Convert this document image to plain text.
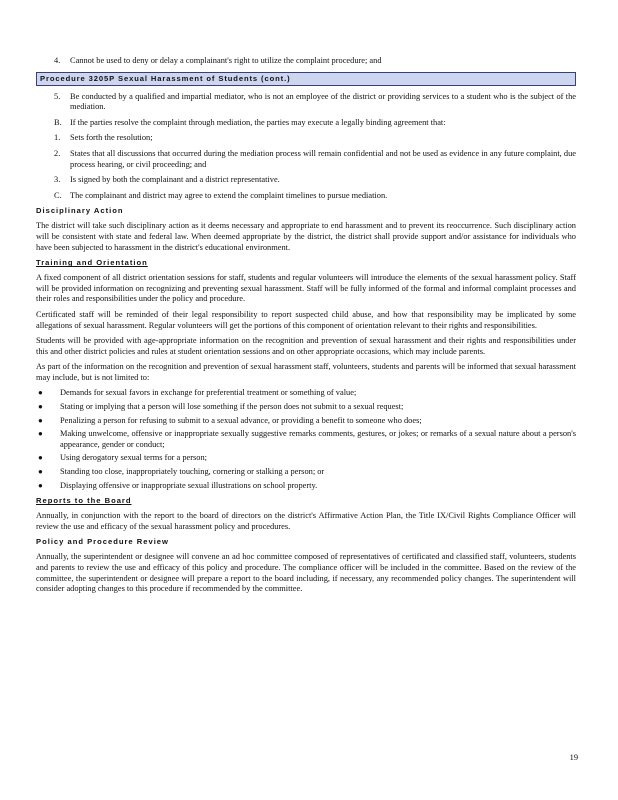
4.	Cannot be used to deny or delay a complainant's right to utilize the complaint procedure; and
Procedure 3205P Sexual Harassment of Students (cont.)
5.	Be conducted by a qualified and impartial mediator, who is not an employee of the district or providing services to a student who is the subject of the mediation.
B. If the parties resolve the complaint through mediation, the parties may execute a legally binding agreement that:
1.	Sets forth the resolution;
2.	States that all discussions that occurred during the mediation process will remain confidential and not be used as evidence in any future complaint, due process hearing, or civil proceeding; and
3.	Is signed by both the complainant and a district representative.
C. The complainant and district may agree to extend the complaint timelines to pursue mediation.
Disciplinary Action

The district will take such disciplinary action as it deems necessary and appropriate to end harassment and to prevent its reoccurrence. Such disciplinary action will be consistent with state and federal law. When deemed appropriate by the district, the district shall provide support and/or assistance for individuals who have been subjected to harassment in the district's educational environment.

Training and Orientation

A fixed component of all district orientation sessions for staff, students and regular volunteers will introduce the elements of the sexual harassment policy. Staff will be provided information on recognizing and preventing sexual harassment. Staff will be fully informed of the formal and informal complaint processes and their roles and responsibilities under the policy and procedure.

Certificated staff will be reminded of their legal responsibility to report suspected child abuse, and how that responsibility may be implicated by some allegations of sexual harassment. Regular volunteers will get the portions of this component of orientation relevant to their rights and responsibilities.

Students will be provided with age-appropriate information on the recognition and prevention of sexual harassment and their rights and responsibilities under this and other district policies and rules at student orientation sessions and on other appropriate occasions, which may include parents.

As part of the information on the recognition and prevention of sexual harassment staff, volunteers, students and parents will be informed that sexual harassment may include, but is not limited to:

●	Demands for sexual favors in exchange for preferential treatment or something of value;
●	Stating or implying that a person will lose something if the person does not submit to a sexual request;
●	Penalizing a person for refusing to submit to a sexual advance, or providing a benefit to someone who does;
●	Making unwelcome, offensive or inappropriate sexually suggestive remarks comments, gestures, or jokes; or remarks of a sexual nature about a person's appearance, gender or conduct;
●	Using derogatory sexual terms for a person;
●	Standing too close, inappropriately touching, cornering or stalking a person; or
●	Displaying offensive or inappropriate sexual illustrations on school property.
Reports to the Board

Annually, in conjunction with the report to the board of directors on the district's Affirmative Action Plan, the Title IX/Civil Rights Compliance Officer will review the use and efficacy of the sexual harassment policy and procedures.

Policy and Procedure Review

Annually, the superintendent or designee will convene an ad hoc committee composed of representatives of certificated and classified staff, volunteers, students and parents to review the use and efficacy of this policy and procedure. The compliance officer will be included in the committee. Based on the review of the committee, the superintendent or designee will prepare a report to the board including, if necessary, any recommended policy changes. The superintendent will consider adopting changes to this procedure if recommended by the committee.

19
